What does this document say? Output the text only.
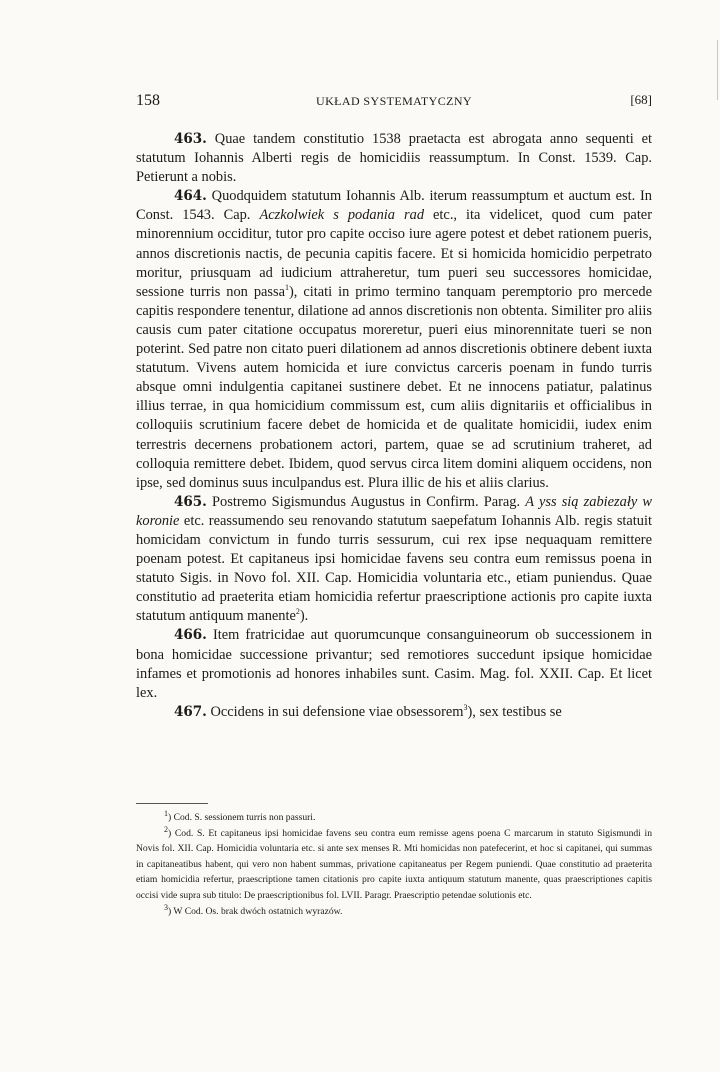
158	UKŁAD SYSTEMATYCZNY	[68]

463. Quae tandem constitutio 1538 praetacta est abrogata anno sequenti et statutum Iohannis Alberti regis de homicidiis reassumptum. In Const. 1539. Cap. Petierunt a nobis.

464. Quodquidem statutum Iohannis Alb. iterum reassumptum et auctum est. In Const. 1543. Cap. Aczkolwiek s podania rad etc., ita videlicet, quod cum pater minorennium occiditur, tutor pro capite occiso iure agere potest et debet rationem pueris, annos discretionis nactis, de pecunia capitis facere. Et si homicida homicidio perpetrato moritur, priusquam ad iudicium attraheretur, tum pueri seu successores homicidae, sessione turris non passa$^1$), citati in primo termino tanquam peremptorio pro mercede capitis respondere tenentur, dilatione ad annos discretionis non obtenta. Similiter pro aliis causis cum pater citatione occupatus moreretur, pueri eius minorennitate tueri se non poterint. Sed patre non citato pueri dilationem ad annos discretionis obtinere debent iuxta statutum. Vivens autem homicida et iure convictus carceris poenam in fundo turris absque omni indulgentia capitanei sustinere debet. Et ne innocens patiatur, palatinus illius terrae, in qua homicidium commissum est, cum aliis dignitariis et officialibus in colloquiis scrutinium facere debet de homicida et de qualitate homicidii, iudex enim terrestris decernens probationem actori, partem, quae se ad scrutinium traheret, ad colloquia remittere debet. Ibidem, quod servus circa litem domini aliquem occidens, non ipse, sed dominus suus inculpandus est. Plura illic de his et aliis clarius.

465. Postremo Sigismundus Augustus in Confirm. Parag. A yss sią zabiezały w koronie etc. reassumendo seu renovando statutum saepefatum Iohannis Alb. regis statuit homicidam convictum in fundo turris sessurum, cui rex ipse nequaquam remittere poenam potest. Et capitaneus ipsi homicidae favens seu contra eum remissus poena in statuto Sigis. in Novo fol. XII. Cap. Homicidia voluntaria etc., etiam puniendus. Quae constitutio ad praeterita etiam homicidia refertur praescriptione actionis pro capite iuxta statutum antiquum manente$^2$).

466. Item fratricidae aut quorumcunque consanguineorum ob successionem in bona homicidae successione privantur; sed remotiores succedunt ipsique homicidae infames et promotionis ad honores inhabiles sunt. Casim. Mag. fol. XXII. Cap. Et licet lex.

467. Occidens in sui defensione viae obsessorem$^3$), sex testibus se

$^1$) Cod. S. sessionem turris non passuri.

$^2$) Cod. S. Et capitaneus ipsi homicidae favens seu contra eum remisse agens poena C marcarum in statuto Sigismundi in Novis fol. XII. Cap. Homicidia voluntaria etc. si ante sex menses R. Mti homicidas non patefecerint, et hoc si capitanei, qui summas in capitaneatibus habent, qui vero non habent summas, privatione capitaneatus per Regem puniendi. Quae constitutio ad praeterita etiam homicidia refertur, praescriptione tamen citationis pro capite iuxta antiquum statutum manente, quas praescriptiones capitis occisi vide supra sub titulo: De praescriptionibus fol. LVII. Paragr. Praescriptio petendae solutionis etc.

$^3$) W Cod. Os. brak dwóch ostatnich wyrazów.
